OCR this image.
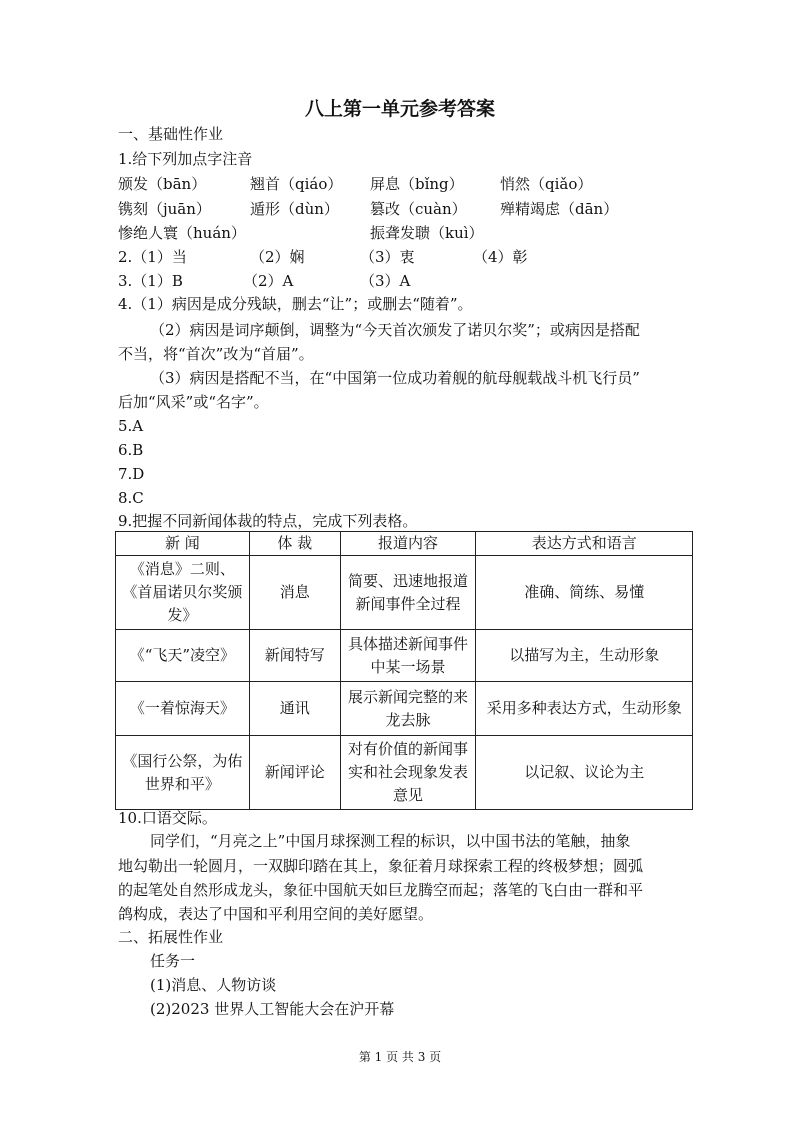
八上第一单元参考答案
一、基础性作业
1.给下列加点字注音
颁发（bān）	翘首（qiáo） 屏息（bǐng） 悄然（qiǎo）
镌刻（juān）	遁形（dùn） 篡改（cuàn） 殚精竭虑（dān）
惨绝人寰（huán）	振聋发聩（kuì）
2.（1）当	（2）娴	（3）衷	（4）彰
3.（1）B	（2）A	（3）A
4.（1）病因是成分残缺，删去“让”；或删去“随着”。
（2）病因是词序颠倒，调整为“今天首次颁发了诺贝尔奖”；或病因是搭配
不当，将“首次”改为“首届”。
（3）病因是搭配不当，在“中国第一位成功着舰的航母舰载战斗机飞行员”
后加“风采”或“名字”。
5.A
6.B
7.D
8.C
9.把握不同新闻体裁的特点，完成下列表格。
新 闻	体 裁	报道内容	表达方式和语言
《消息》二则、《首届诺贝尔奖颁发》	消息	简要、迅速地报道新闻事件全过程	准确、简练、易懂
《“飞天”凌空》	新闻特写	具体描述新闻事件中某一场景	以描写为主，生动形象
《一着惊海天》	通讯	展示新闻完整的来龙去脉	采用多种表达方式，生动形象
《国行公祭，为佑世界和平》	新闻评论	对有价值的新闻事实和社会现象发表意见	以记叙、议论为主
10.口语交际。
同学们，“月亮之上”中国月球探测工程的标识，以中国书法的笔触，抽象
地勾勒出一轮圆月，一双脚印踏在其上，象征着月球探索工程的终极梦想；圆弧
的起笔处自然形成龙头，象征中国航天如巨龙腾空而起；落笔的飞白由一群和平
鸽构成，表达了中国和平利用空间的美好愿望。
二、拓展性作业
任务一
(1)消息、人物访谈
(2)2023 世界人工智能大会在沪开幕
第 1 页 共 3 页
